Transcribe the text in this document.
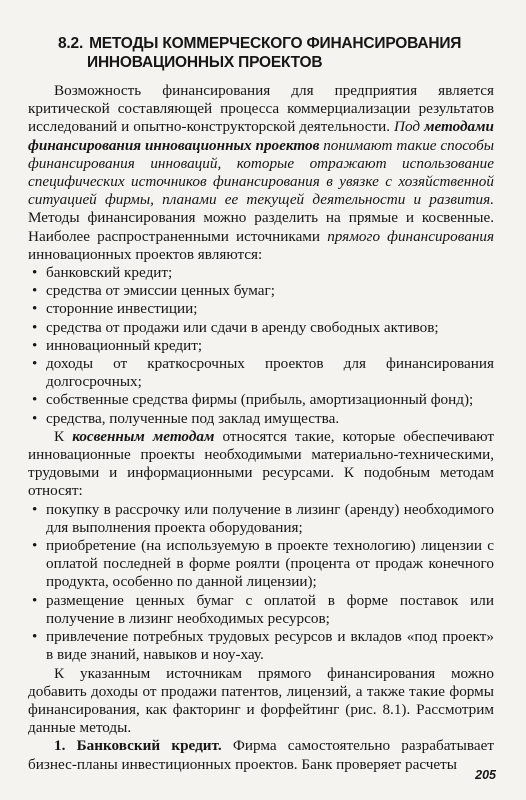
8.2. МЕТОДЫ КОММЕРЧЕСКОГО ФИНАНСИРОВАНИЯ
ИННОВАЦИОННЫХ ПРОЕКТОВ

Возможность финансирования для предприятия является критической составляющей процесса коммерциализации результатов исследований и опытно-конструкторской деятельности. Под методами финансирования инновационных проектов понимают такие способы финансирования инноваций, которые отражают использование специфических источников финансирования в увязке с хозяйственной ситуацией фирмы, планами ее текущей деятельности и развития. Методы финансирования можно разделить на прямые и косвенные. Наиболее распространенными источниками прямого финансирования инновационных проектов являются:

• банковский кредит;
• средства от эмиссии ценных бумаг;
• сторонние инвестиции;
• средства от продажи или сдачи в аренду свободных активов;
• инновационный кредит;
• доходы от краткосрочных проектов для финансирования долгосрочных;
• собственные средства фирмы (прибыль, амортизационный фонд);
• средства, полученные под заклад имущества.

К косвенным методам относятся такие, которые обеспечивают инновационные проекты необходимыми материально-техническими, трудовыми и информационными ресурсами. К подобным методам относят:

• покупку в рассрочку или получение в лизинг (аренду) необходимого для выполнения проекта оборудования;
• приобретение (на используемую в проекте технологию) лицензии с оплатой последней в форме роялти (процента от продаж конечного продукта, особенно по данной лицензии);
• размещение ценных бумаг с оплатой в форме поставок или получение в лизинг необходимых ресурсов;
• привлечение потребных трудовых ресурсов и вкладов «под проект» в виде знаний, навыков и ноу-хау.

К указанным источникам прямого финансирования можно добавить доходы от продажи патентов, лицензий, а также такие формы финансирования, как факторинг и форфейтинг (рис. 8.1). Рассмотрим данные методы.

1. Банковский кредит. Фирма самостоятельно разрабатывает бизнес-планы инвестиционных проектов. Банк проверяет расчеты

205
